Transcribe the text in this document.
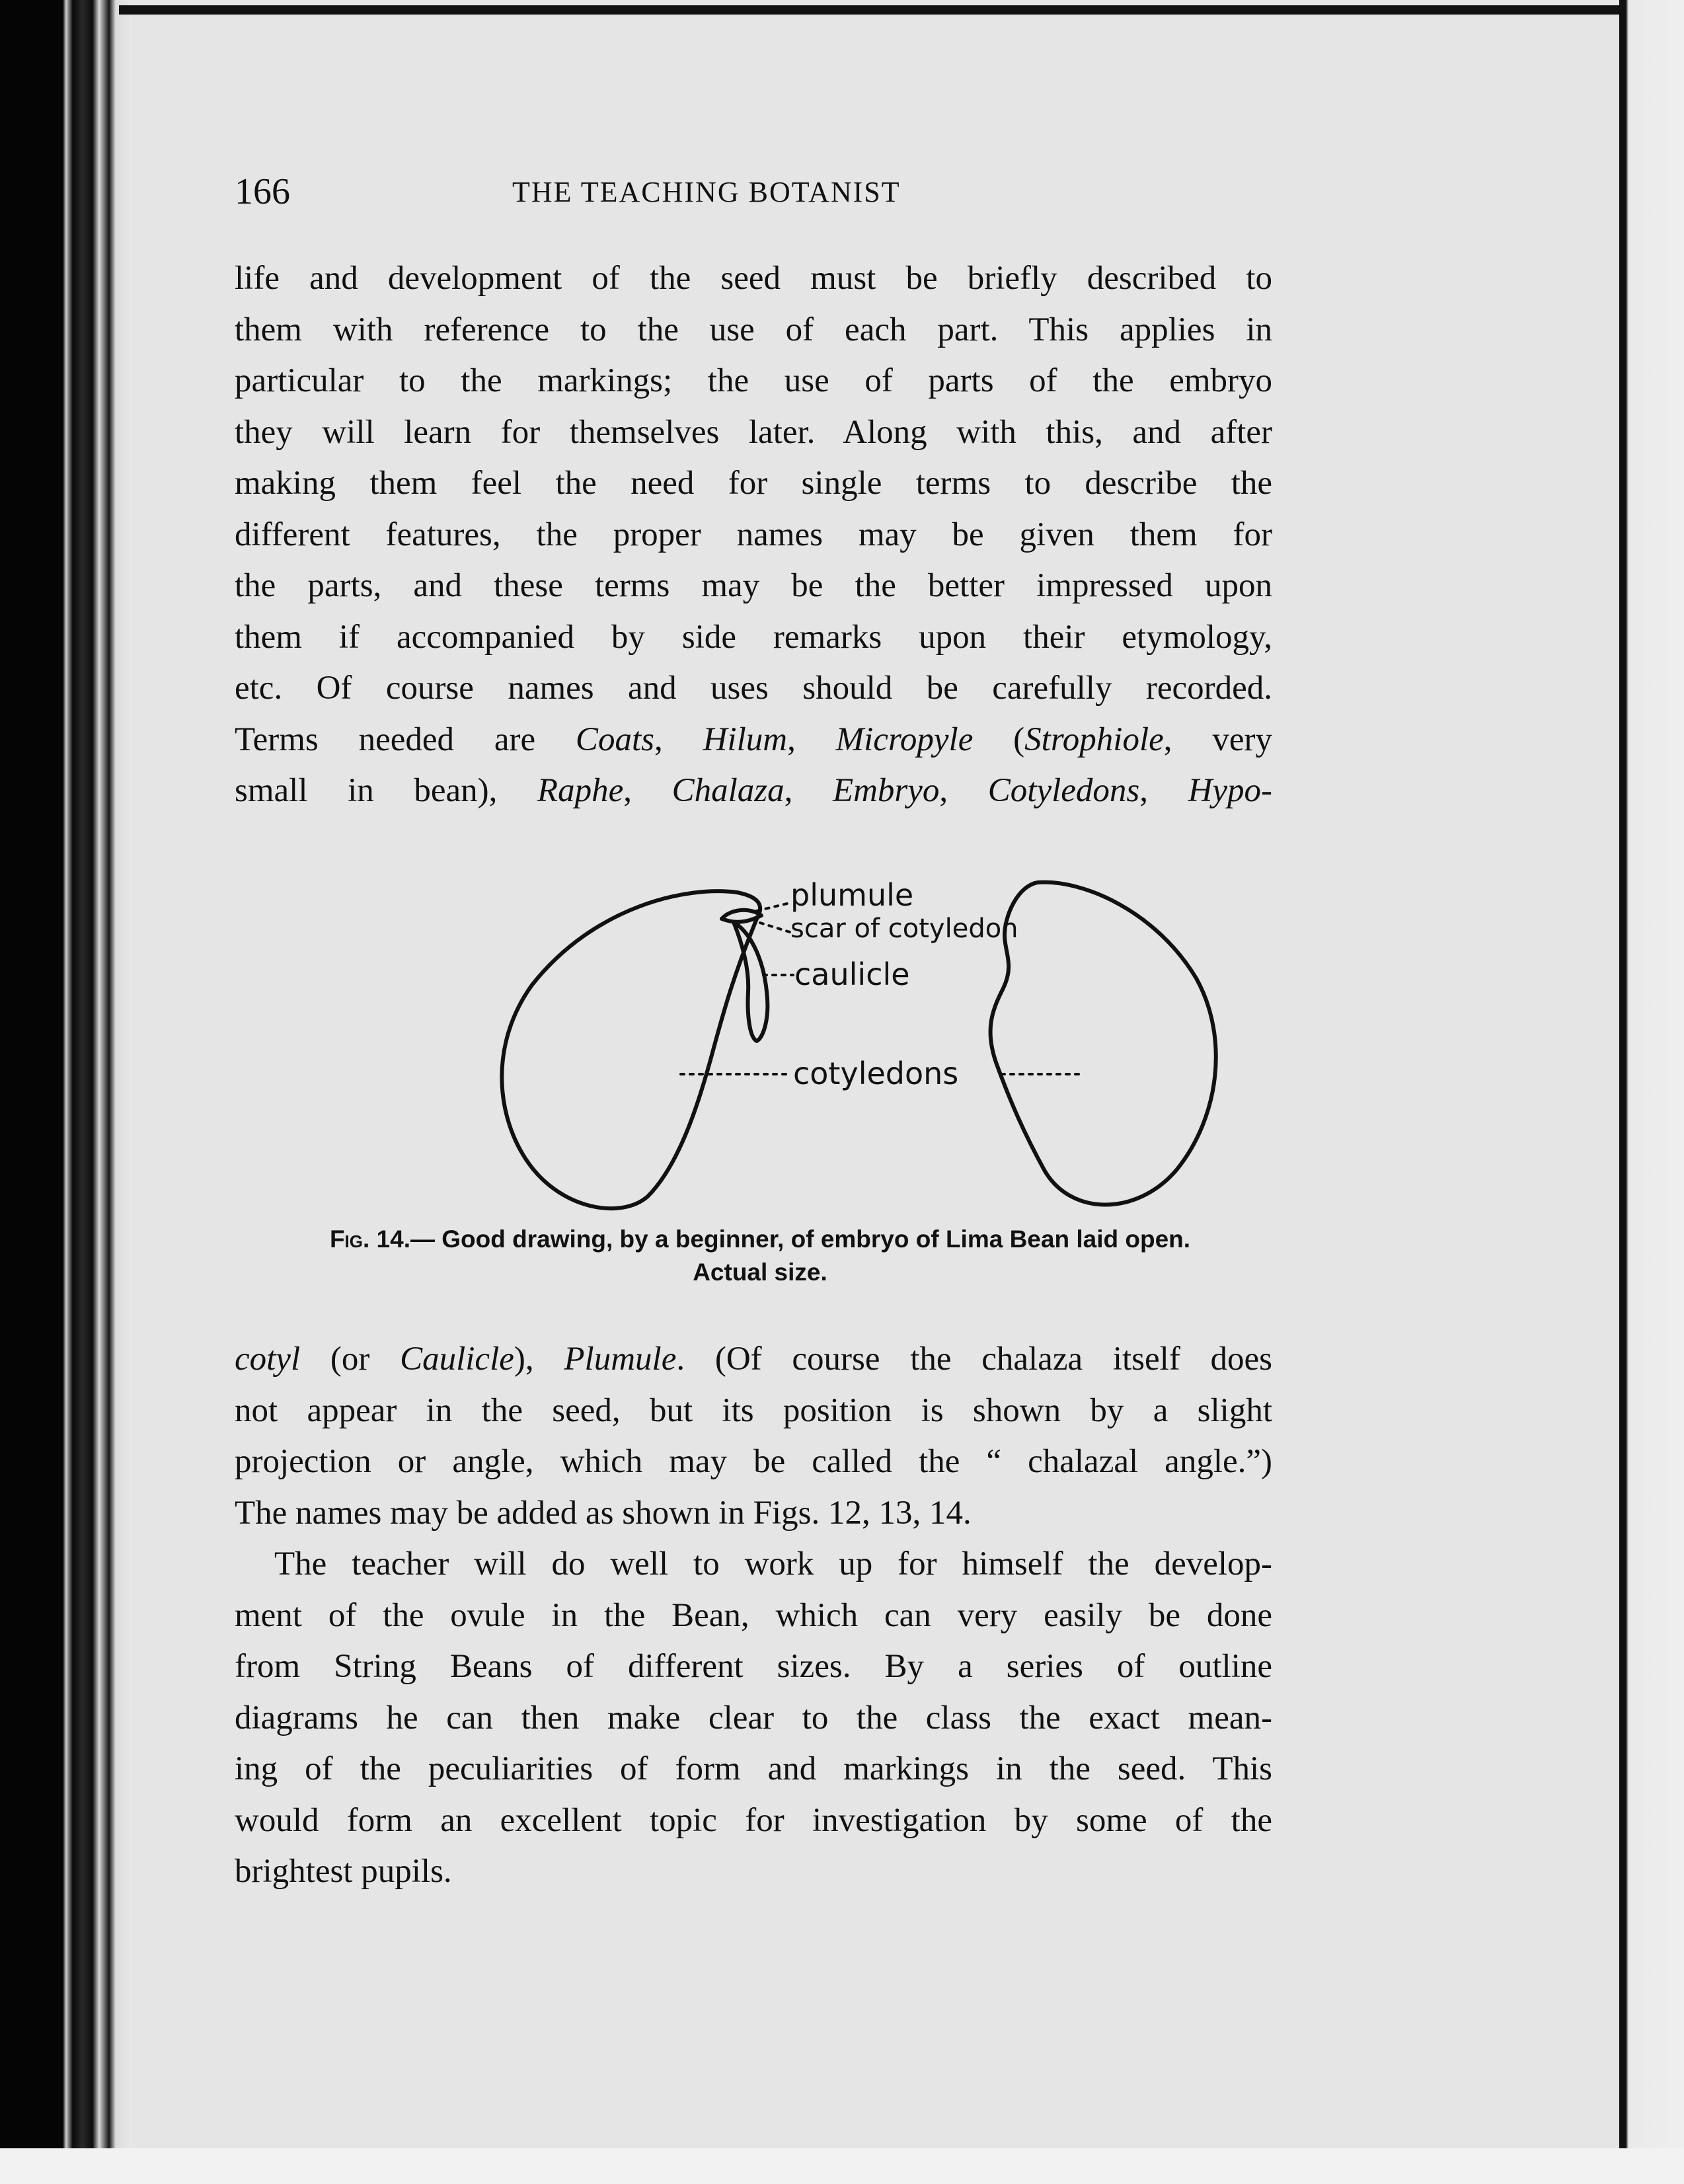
166	THE TEACHING BOTANIST
life and development of the seed must be briefly described to
them with reference to the use of each part. This applies in
particular to the markings; the use of parts of the embryo
they will learn for themselves later. Along with this, and after
making them feel the need for single terms to describe the
different features, the proper names may be given them for
the parts, and these terms may be the better impressed upon
them if accompanied by side remarks upon their etymology,
etc. Of course names and uses should be carefully recorded.
Terms needed are Coats, Hilum, Micropyle (Strophiole, very
small in bean), Raphe, Chalaza, Embryo, Cotyledons, Hypo-
plumule
scar of cotyledon
caulicle
cotyledons
Fig. 14.— Good drawing, by a beginner, of embryo of Lima Bean laid open.
Actual size.
cotyl (or Caulicle), Plumule. (Of course the chalaza itself does
not appear in the seed, but its position is shown by a slight
projection or angle, which may be called the “ chalazal angle.”)
The names may be added as shown in Figs. 12, 13, 14.
The teacher will do well to work up for himself the develop-
ment of the ovule in the Bean, which can very easily be done
from String Beans of different sizes. By a series of outline
diagrams he can then make clear to the class the exact mean-
ing of the peculiarities of form and markings in the seed. This
would form an excellent topic for investigation by some of the
brightest pupils.
